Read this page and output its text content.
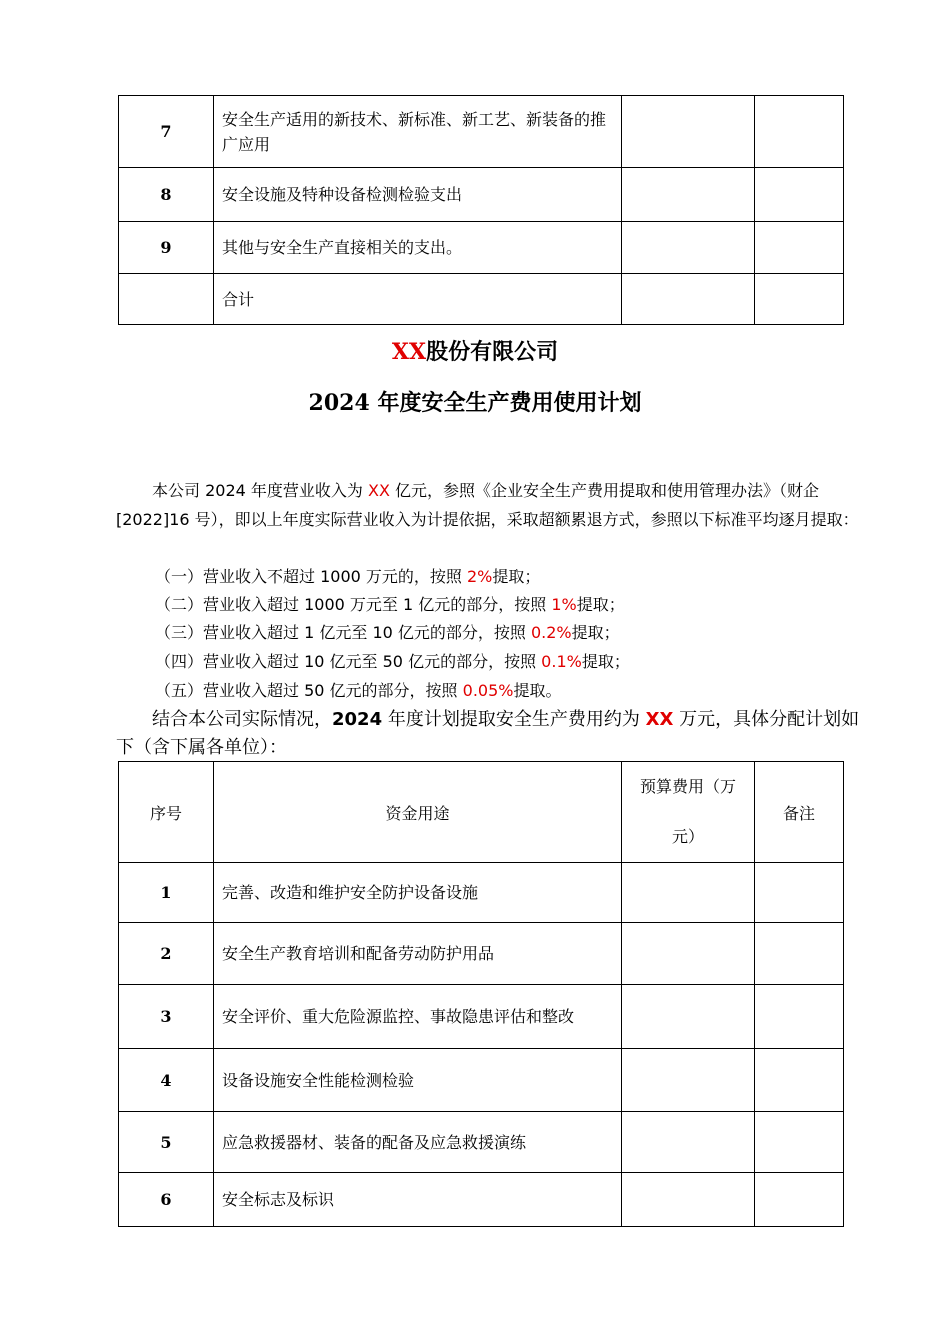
7	安全生产适用的新技术、新标准、新工艺、新装备的推广应用		
8	安全设施及特种设备检测检验支出		
9	其他与安全生产直接相关的支出。		
	合计		
XX股份有限公司
2024 年度安全生产费用使用计划
本公司 2024 年度营业收入为 XX 亿元，参照《企业安全生产费用提取和使用管理办法》（财企[2022]16 号），即以上年度实际营业收入为计提依据，采取超额累退方式，参照以下标准平均逐月提取：
（一）营业收入不超过 1000 万元的，按照 2%提取；
（二）营业收入超过 1000 万元至 1 亿元的部分，按照 1%提取；
（三）营业收入超过 1 亿元至 10 亿元的部分，按照 0.2%提取；
（四）营业收入超过 10 亿元至 50 亿元的部分，按照 0.1%提取；
（五）营业收入超过 50 亿元的部分，按照 0.05%提取。
结合本公司实际情况，2024 年度计划提取安全生产费用约为 XX 万元，具体分配计划如下（含下属各单位）：
序号	资金用途	预算费用（万
元）	备注
1	完善、改造和维护安全防护设备设施		
2	安全生产教育培训和配备劳动防护用品		
3	安全评价、重大危险源监控、事故隐患评估和整改		
4	设备设施安全性能检测检验		
5	应急救援器材、装备的配备及应急救援演练		
6	安全标志及标识		
